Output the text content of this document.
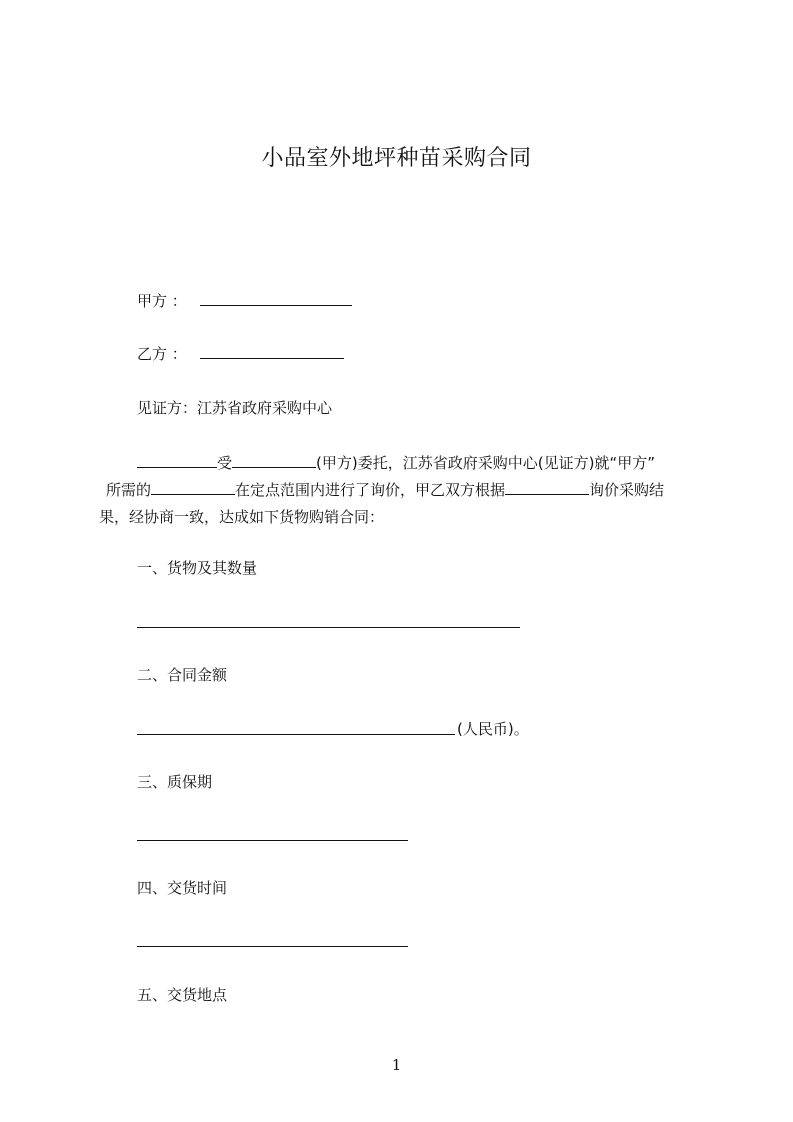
小品室外地坪种苗采购合同
甲方 ：
乙方 ：
见证方：江苏省政府采购中心
受	(甲方)委托，江苏省政府采购中心(见证方)就“甲方”
所需的	在定点范围内进行了询价，甲乙双方根据	询价采购结
果，经协商一致，达成如下货物购销合同：
一、货物及其数量
二、合同金额
(人民币)。
三、质保期
四、交货时间
五、交货地点
1
